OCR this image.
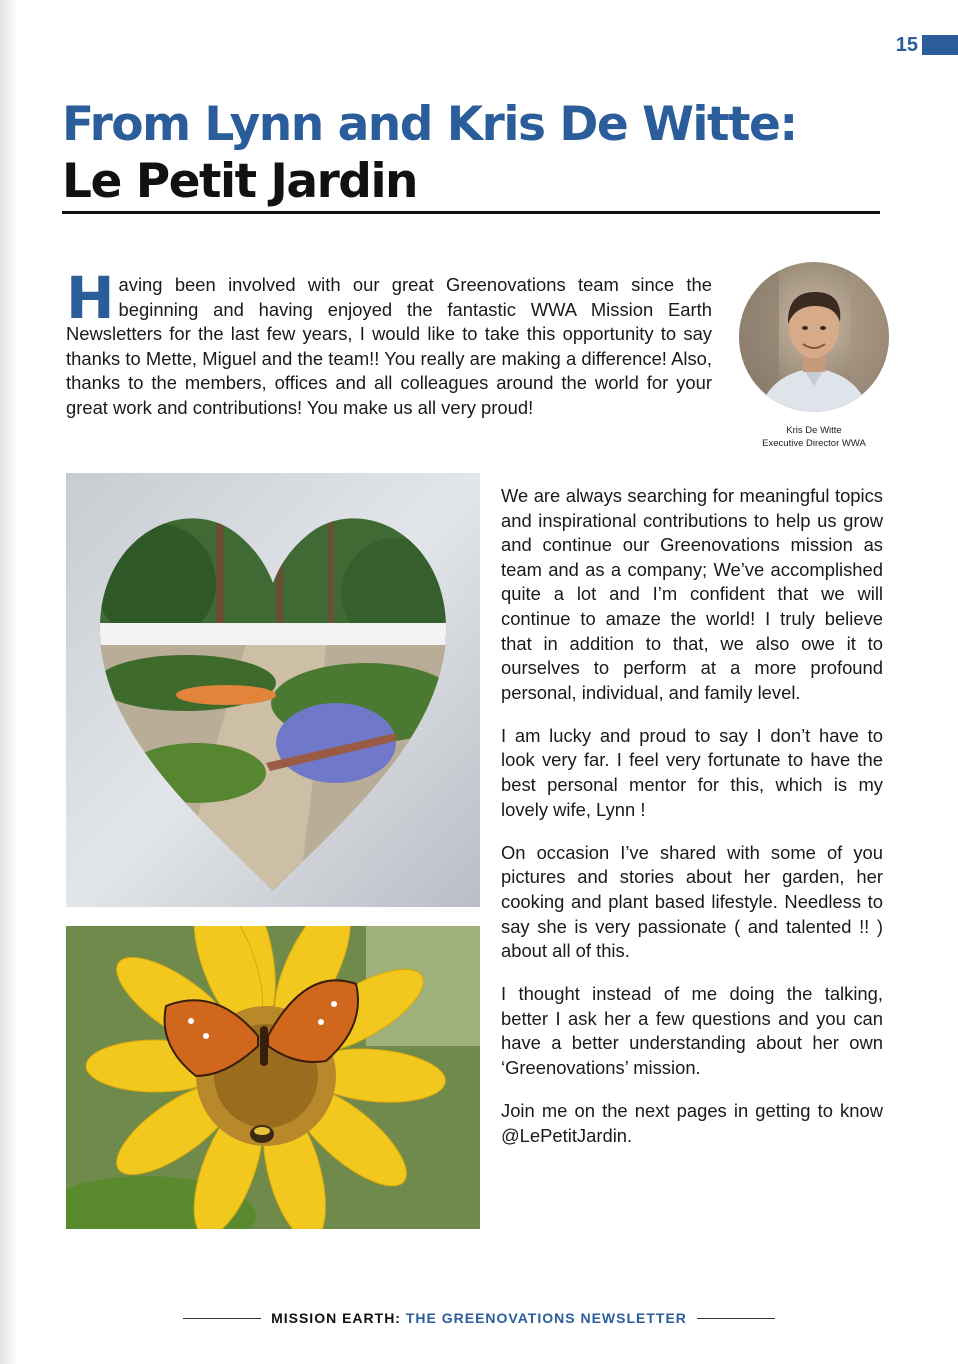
15
From Lynn and Kris De Witte:
Le Petit Jardin
Having been involved with our great Greenovations team since the beginning and having enjoyed the fantastic WWA Mission Earth Newsletters for the last few years, I would like to take this opportunity to say thanks to Mette, Miguel and the team!! You really are making a difference! Also, thanks to the members, offices and all colleagues around the world for your great work and contributions! You make us all very proud!
Kris De Witte
Executive Director WWA

We are always searching for meaningful topics and inspirational contributions to help us grow and continue our Greenovations mission as team and as a company; We’ve accomplished quite a lot and I’m confident that we will continue to amaze the world! I truly believe that in addition to that, we also owe it to ourselves to perform at a more profound personal, individual, and family level.

I am lucky and proud to say I don’t have to look very far. I feel very fortunate to have the best personal mentor for this, which is my lovely wife, Lynn !

On occasion I’ve shared with some of you pictures and stories about her garden, her cooking and plant based lifestyle. Needless to say she is very passionate ( and talented !! ) about all of this.

I thought instead of me doing the talking, better I ask her a few questions and you can have a better understanding about her own ‘Greenovations’ mission.

Join me on the next pages in getting to know @LePetitJardin.

MISSION EARTH: THE GREENOVATIONS NEWSLETTER
